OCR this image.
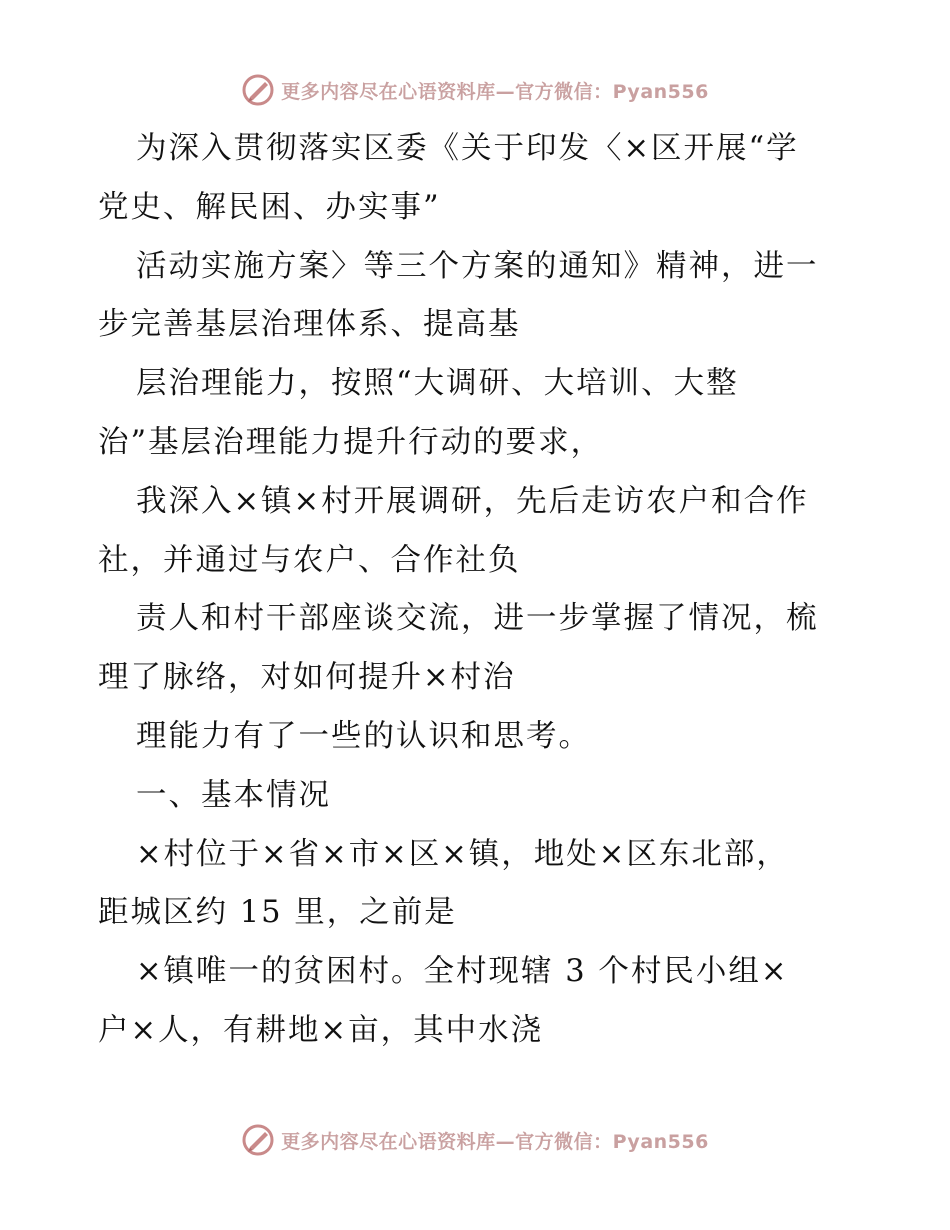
更多内容尽在心语资料库—官方微信：Pyan556
为深入贯彻落实区委《关于印发〈×区开展“学
党史、解民困、办实事”
活动实施方案〉等三个方案的通知》精神，进一
步完善基层治理体系、提高基
层治理能力，按照“大调研、大培训、大整
治”基层治理能力提升行动的要求，
我深入×镇×村开展调研，先后走访农户和合作
社，并通过与农户、合作社负
责人和村干部座谈交流，进一步掌握了情况，梳
理了脉络，对如何提升×村治
理能力有了一些的认识和思考。
一、基本情况
×村位于×省×市×区×镇，地处×区东北部，
距城区约 15 里，之前是
×镇唯一的贫困村。全村现辖 3 个村民小组×
户×人，有耕地×亩，其中水浇
更多内容尽在心语资料库—官方微信：Pyan556
